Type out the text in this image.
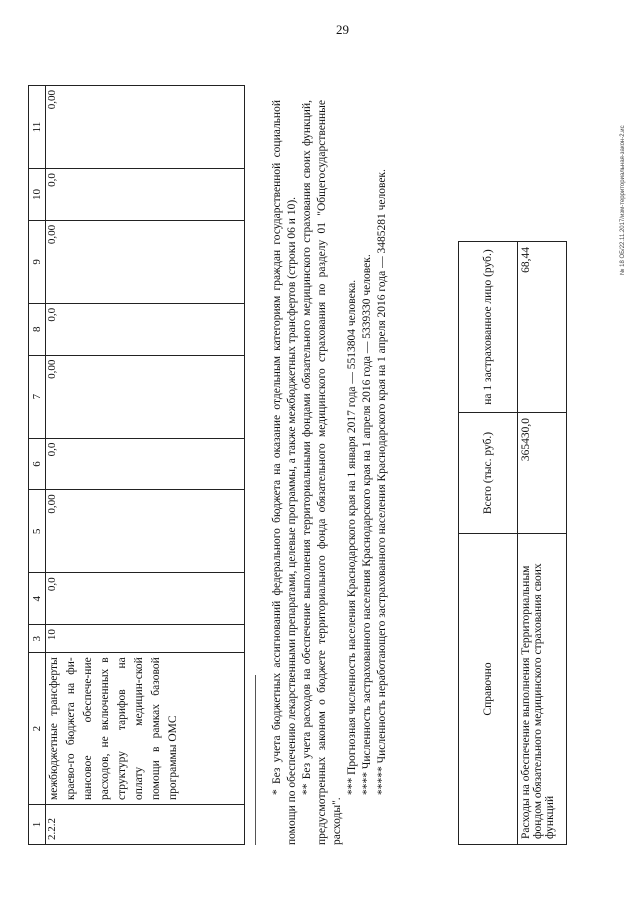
29
1	2	3	4	5	6	7	8	9	10	11
2.2.2	межбюджетные трансферты краево-го бюджета на фи-нансовое обеспече-ние расходов, не включенных в структуру тарифов на оплату медицин-ской помощи в рамках базовой программы ОМС	10	0,0	0,00	0,0	0,00	0,0	0,00	0,0	0,00

* Без учета бюджетных ассигнований федерального бюджета на оказание отдельным категориям граждан государственной социальной помощи по обеспечению лекарственными препаратами, целевые программы, а также межбюджетных трансфертов (строки 06 и 10). ** Без учета расходов на обеспечение выполнения территориальными фондами обязательного медицинского страхования своих функций, предусмотренных законом о бюджете территориального фонда обязательного медицинского страхования по разделу 01 "Общегосударственные расходы".

*** Прогнозная численность населения Краснодарского края на 1 января 2017 года — 5513804 человека. **** Численность застрахованного населения Краснодарского края на 1 апреля 2016 года — 5339330 человек. ***** Численность неработающего застрахованного населения Краснодарского края на 1 апреля 2016 года — 3485281 человек.	Справочно	Всего (тыс. руб.)	на 1 застрахованное лицо (руб.)
Расходы на обеспечение выполнения Территориальным фондом обязательного медицинского страхования своих функций	365430,0	68,44	№ 18 ОБ/22.11.2017/изм-территориальная-закон-2.ис
